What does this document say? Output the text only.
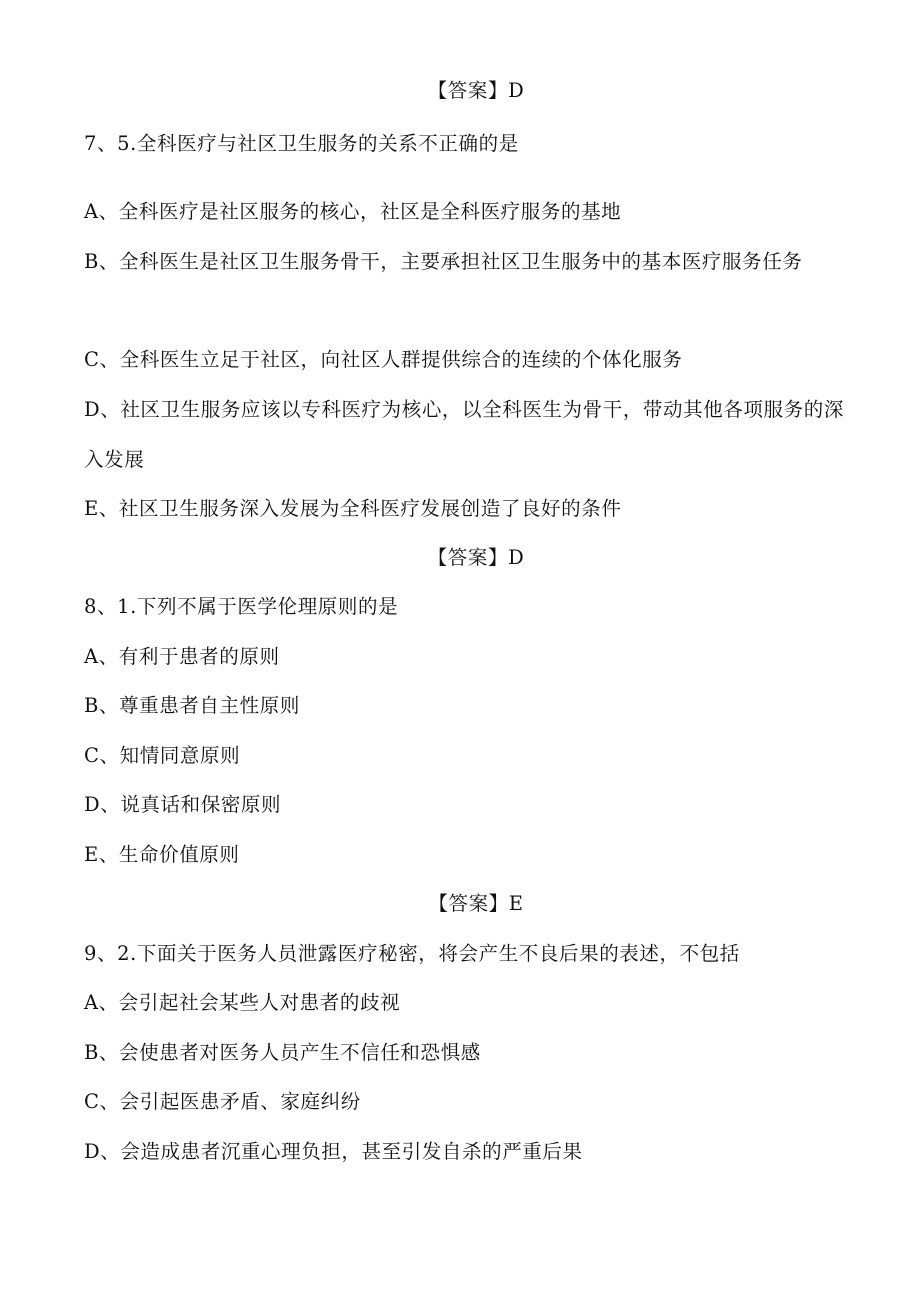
【答案】D
7、5.全科医疗与社区卫生服务的关系不正确的是
A、全科医疗是社区服务的核心，社区是全科医疗服务的基地
B、全科医生是社区卫生服务骨干，主要承担社区卫生服务中的基本医疗服务任务
C、全科医生立足于社区，向社区人群提供综合的连续的个体化服务
D、社区卫生服务应该以专科医疗为核心，以全科医生为骨干，带动其他各项服务的深入发展
E、社区卫生服务深入发展为全科医疗发展创造了良好的条件
【答案】D
8、1.下列不属于医学伦理原则的是
A、有利于患者的原则
B、尊重患者自主性原则
C、知情同意原则
D、说真话和保密原则
E、生命价值原则
【答案】E
9、2.下面关于医务人员泄露医疗秘密，将会产生不良后果的表述，不包括
A、会引起社会某些人对患者的歧视
B、会使患者对医务人员产生不信任和恐惧感
C、会引起医患矛盾、家庭纠纷
D、会造成患者沉重心理负担，甚至引发自杀的严重后果
